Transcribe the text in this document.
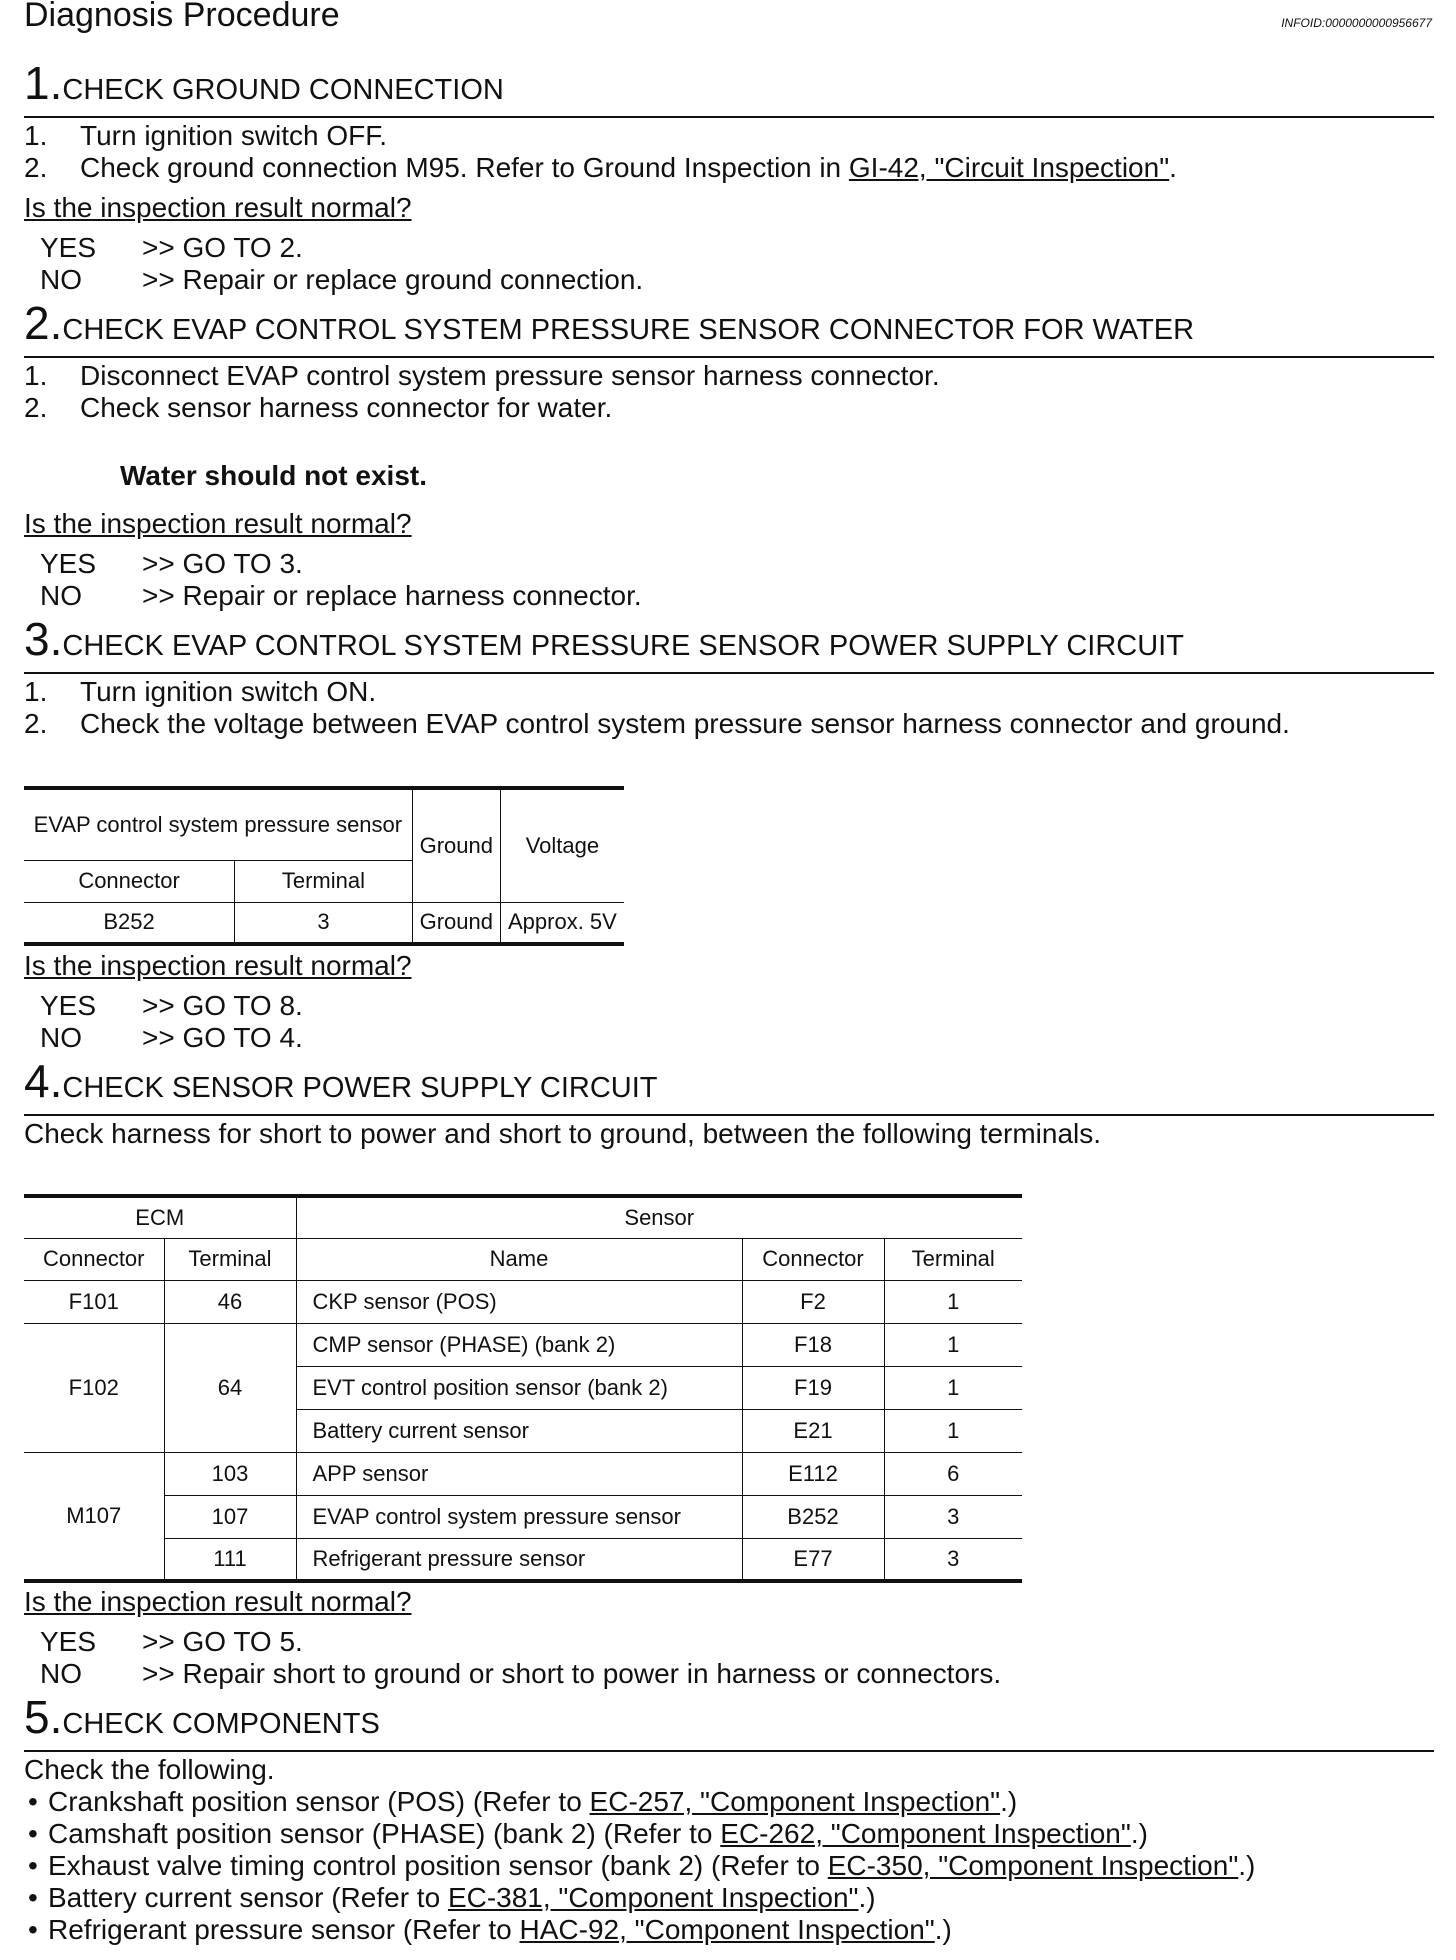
Diagnosis Procedure	INFOID:0000000000956677
1.CHECK GROUND CONNECTION
1. Turn ignition switch OFF.
2. Check ground connection M95. Refer to Ground Inspection in GI-42, "Circuit Inspection".
Is the inspection result normal?
YES >> GO TO 2.
NO >> Repair or replace ground connection.
2.CHECK EVAP CONTROL SYSTEM PRESSURE SENSOR CONNECTOR FOR WATER
1. Disconnect EVAP control system pressure sensor harness connector.
2. Check sensor harness connector for water.
Water should not exist.
Is the inspection result normal?
YES >> GO TO 3.
NO >> Repair or replace harness connector.
3.CHECK EVAP CONTROL SYSTEM PRESSURE SENSOR POWER SUPPLY CIRCUIT
1. Turn ignition switch ON.
2. Check the voltage between EVAP control system pressure sensor harness connector and ground.
EVAP control system pressure sensor		Ground	Voltage
Connector	Terminal		
B252	3	Ground	Approx. 5V
Is the inspection result normal?
YES >> GO TO 8.
NO >> GO TO 4.
4.CHECK SENSOR POWER SUPPLY CIRCUIT
Check harness for short to power and short to ground, between the following terminals.
ECM		Sensor		
Connector	Terminal	Name	Connector	Terminal
F101	46	CKP sensor (POS)	F2	1
F102	64	CMP sensor (PHASE) (bank 2)	F18	1
		EVT control position sensor (bank 2)	F19	1
		Battery current sensor	E21	1
M107	103	APP sensor	E112	6
	107	EVAP control system pressure sensor	B252	3
	111	Refrigerant pressure sensor	E77	3
Is the inspection result normal?
YES >> GO TO 5.
NO >> Repair short to ground or short to power in harness or connectors.
5.CHECK COMPONENTS
Check the following.
• Crankshaft position sensor (POS) (Refer to EC-257, "Component Inspection".)
• Camshaft position sensor (PHASE) (bank 2) (Refer to EC-262, "Component Inspection".)
• Exhaust valve timing control position sensor (bank 2) (Refer to EC-350, "Component Inspection".)
• Battery current sensor (Refer to EC-381, "Component Inspection".)
• Refrigerant pressure sensor (Refer to HAC-92, "Component Inspection".)
